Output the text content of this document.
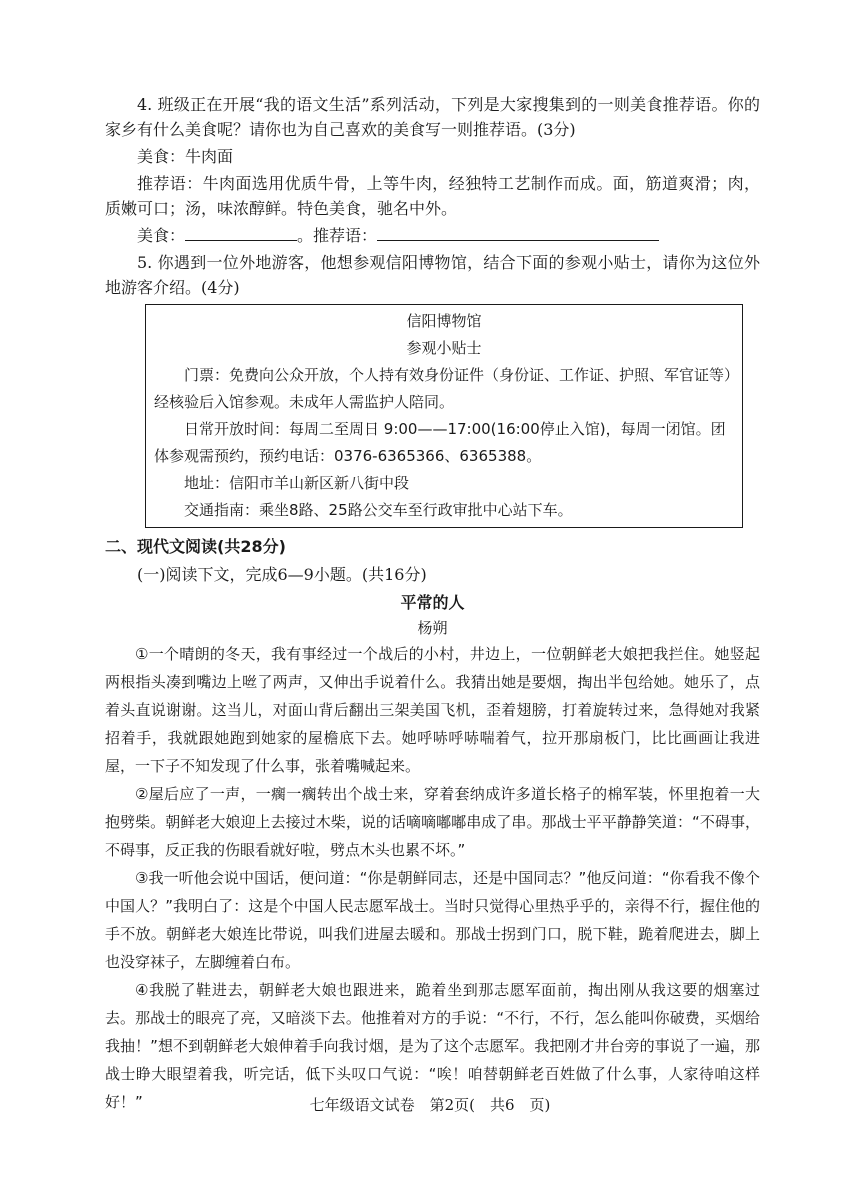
4. 班级正在开展“我的语文生活”系列活动，下列是大家搜集到的一则美食推荐语。你的家乡有什么美食呢？请你也为自己喜欢的美食写一则推荐语。(3分)

美食：牛肉面

推荐语：牛肉面选用优质牛骨，上等牛肉，经独特工艺制作而成。面，筋道爽滑；肉，质嫩可口；汤，味浓醇鲜。特色美食，驰名中外。

美食：	。推荐语：

5. 你遇到一位外地游客，他想参观信阳博物馆，结合下面的参观小贴士，请你为这位外地游客介绍。(4分)

信阳博物馆
参观小贴士

门票：免费向公众开放，个人持有效身份证件（身份证、工作证、护照、军官证等）经核验后入馆参观。未成年人需监护人陪同。

日常开放时间：每周二至周日 9:00——17:00(16:00停止入馆)，每周一闭馆。团体参观需预约，预约电话：0376-6365366、6365388。

地址：信阳市羊山新区新八街中段

交通指南：乘坐8路、25路公交车至行政审批中心站下车。

二、现代文阅读(共28分)

(一)阅读下文，完成6—9小题。(共16分)

平常的人
杨朔

①一个晴朗的冬天，我有事经过一个战后的小村，井边上，一位朝鲜老大娘把我拦住。她竖起两根指头凑到嘴边上咝了两声，又伸出手说着什么。我猜出她是要烟，掏出半包给她。她乐了，点着头直说谢谢。这当儿，对面山背后翻出三架美国飞机，歪着翅膀，打着旋转过来，急得她对我紧招着手，我就跟她跑到她家的屋檐底下去。她呼哧呼哧喘着气，拉开那扇板门，比比画画让我进屋，一下子不知发现了什么事，张着嘴喊起来。

②屋后应了一声，一瘸一瘸转出个战士来，穿着套纳成许多道长格子的棉军装，怀里抱着一大抱劈柴。朝鲜老大娘迎上去接过木柴，说的话嘀嘀嘟嘟串成了串。那战士平平静静笑道：“不碍事，不碍事，反正我的伤眼看就好啦，劈点木头也累不坏。”

③我一听他会说中国话，便问道：“你是朝鲜同志，还是中国同志？”他反问道：“你看我不像个中国人？”我明白了：这是个中国人民志愿军战士。当时只觉得心里热乎乎的，亲得不行，握住他的手不放。朝鲜老大娘连比带说，叫我们进屋去暖和。那战士拐到门口，脱下鞋，跪着爬进去，脚上也没穿袜子，左脚缠着白布。

④我脱了鞋进去，朝鲜老大娘也跟进来，跪着坐到那志愿军面前，掏出刚从我这要的烟塞过去。那战士的眼亮了亮，又暗淡下去。他推着对方的手说：“不行，不行，怎么能叫你破费，买烟给我抽！”想不到朝鲜老大娘伸着手向我讨烟，是为了这个志愿军。我把刚才井台旁的事说了一遍，那战士睁大眼望着我，听完话，低下头叹口气说：“唉！咱替朝鲜老百姓做了什么事，人家待咱这样好！”	七年级语文试卷　第2页(　共6　页)
